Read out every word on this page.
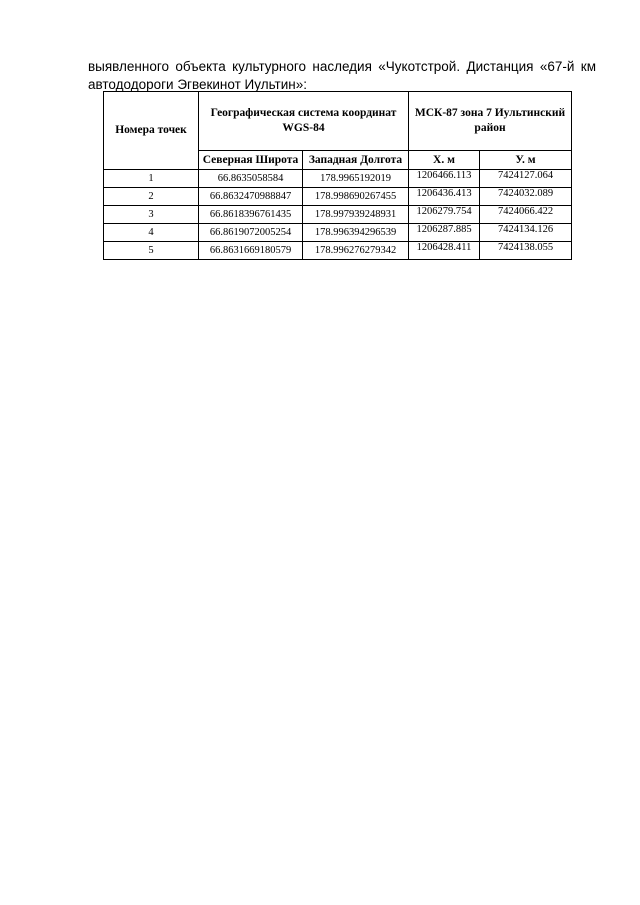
выявленного объекта культурного наследия «Чукотстрой. Дистанция «67-й км автододороги Эгвекинот Иультин»:

Номера точек	Географическая система координат WGS-84		МСК-87 зона 7 Иультинский район	
	Северная Широта	Западная Долгота	Х. м	У. м
1	66.8635058584	178.9965192019	1206466.113	7424127.064
2	66.8632470988847	178.998690267455	1206436.413	7424032.089
3	66.8618396761435	178.997939248931	1206279.754	7424066.422
4	66.8619072005254	178.996394296539	1206287.885	7424134.126
5	66.8631669180579	178.996276279342	1206428.411	7424138.055
